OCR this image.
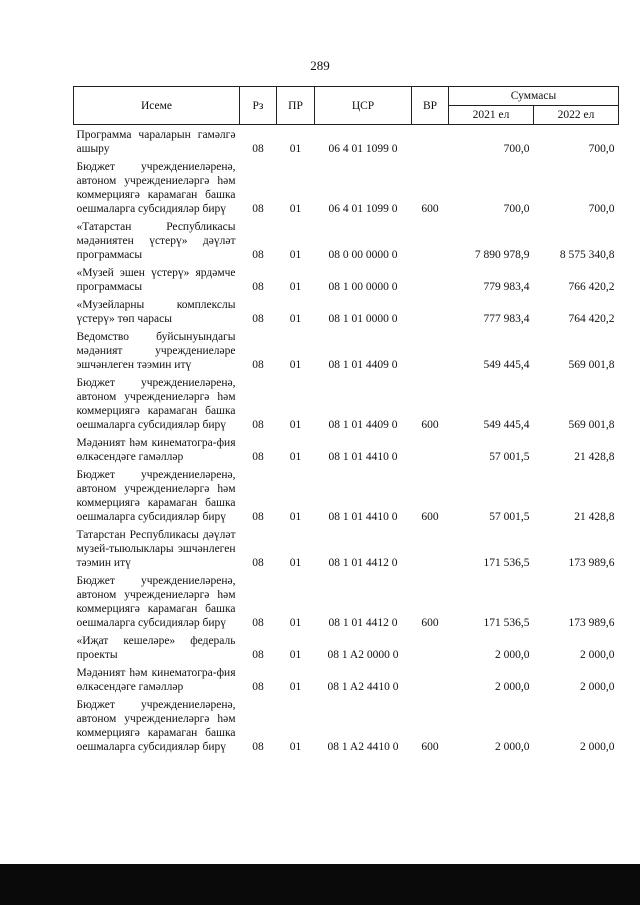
289
Исеме	Рз	ПР	ЦСР	ВР	Суммасы	
					2021 ел	2022 ел
Программа чараларын гамәлгә ашыру	08	01	06 4 01 1099 0		700,0	700,0
Бюджет учреждениеләренә, автоном учреждениеләргә һәм коммерциягә карамаган башка оешмаларга субсидияләр бирү	08	01	06 4 01 1099 0	600	700,0	700,0
«Татарстан Республикасы мәдәниятен үстерү» дәүләт программасы	08	01	08 0 00 0000 0		7 890 978,9	8 575 340,8
«Музей эшен үстерү» ярдәмче программасы	08	01	08 1 00 0000 0		779 983,4	766 420,2
«Музейларны комплекслы үстерү» төп чарасы	08	01	08 1 01 0000 0		777 983,4	764 420,2
Ведомство буйсынуындагы мәдәният учреждениеләре эшчәнлеген тәэмин итү	08	01	08 1 01 4409 0		549 445,4	569 001,8
Бюджет учреждениеләренә, автоном учреждениеләргә һәм коммерциягә карамаган башка оешмаларга субсидияләр бирү	08	01	08 1 01 4409 0	600	549 445,4	569 001,8
Мәдәният һәм кинематогра-фия өлкәсендәге гамәлләр	08	01	08 1 01 4410 0		57 001,5	21 428,8
Бюджет учреждениеләренә, автоном учреждениеләргә һәм коммерциягә карамаган башка оешмаларга субсидияләр бирү	08	01	08 1 01 4410 0	600	57 001,5	21 428,8
Татарстан Республикасы дәүләт музей-тыюлыклары эшчәнлеген тәэмин итү	08	01	08 1 01 4412 0		171 536,5	173 989,6
Бюджет учреждениеләренә, автоном учреждениеләргә һәм коммерциягә карамаган башка оешмаларга субсидияләр бирү	08	01	08 1 01 4412 0	600	171 536,5	173 989,6
«Иҗат кешеләре» федераль проекты	08	01	08 1 A2 0000 0		2 000,0	2 000,0
Мәдәният һәм кинематогра-фия өлкәсендәге гамәлләр	08	01	08 1 A2 4410 0		2 000,0	2 000,0
Бюджет учреждениеләренә, автоном учреждениеләргә һәм коммерциягә карамаган башка оешмаларга субсидияләр бирү	08	01	08 1 A2 4410 0	600	2 000,0	2 000,0
